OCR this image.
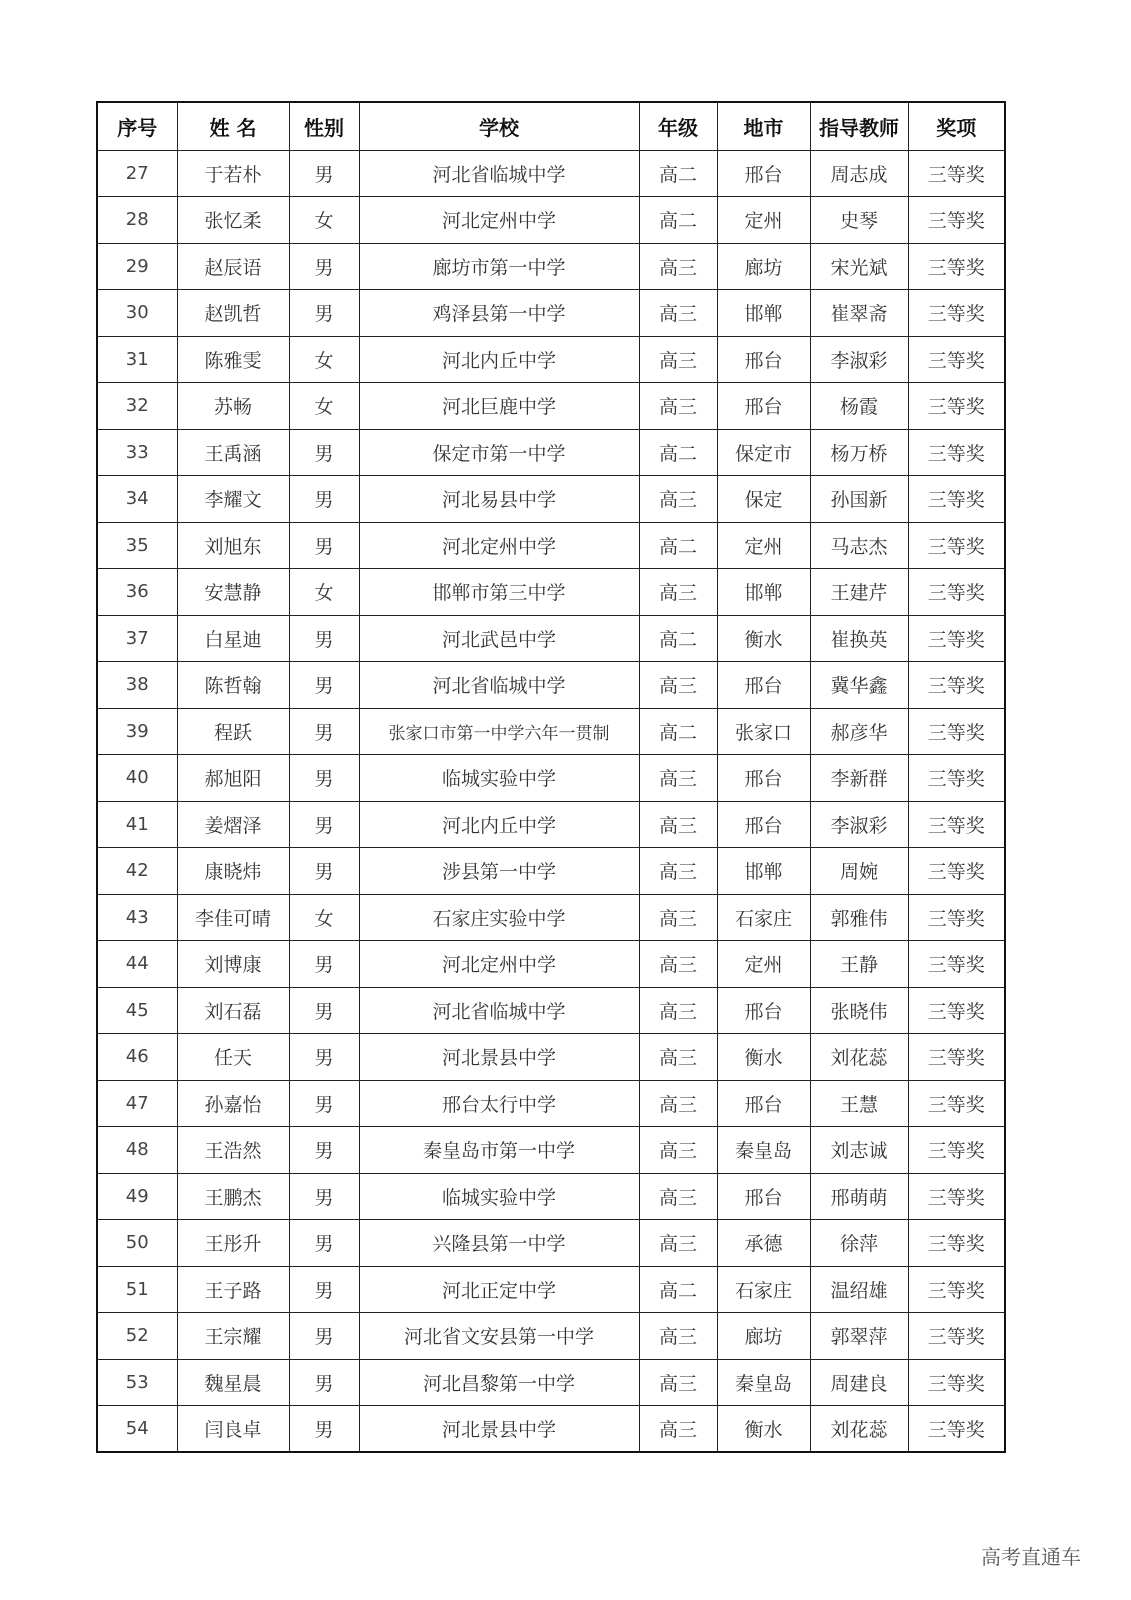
序号	姓 名	性别	学校	年级	地市	指导教师	奖项
27	于若朴	男	河北省临城中学	高二	邢台	周志成	三等奖
28	张忆柔	女	河北定州中学	高二	定州	史琴	三等奖
29	赵辰语	男	廊坊市第一中学	高三	廊坊	宋光斌	三等奖
30	赵凯哲	男	鸡泽县第一中学	高三	邯郸	崔翠斋	三等奖
31	陈雅雯	女	河北内丘中学	高三	邢台	李淑彩	三等奖
32	苏畅	女	河北巨鹿中学	高三	邢台	杨霞	三等奖
33	王禹涵	男	保定市第一中学	高二	保定市	杨万桥	三等奖
34	李耀文	男	河北易县中学	高三	保定	孙国新	三等奖
35	刘旭东	男	河北定州中学	高二	定州	马志杰	三等奖
36	安慧静	女	邯郸市第三中学	高三	邯郸	王建芹	三等奖
37	白星迪	男	河北武邑中学	高二	衡水	崔换英	三等奖
38	陈哲翰	男	河北省临城中学	高三	邢台	冀华鑫	三等奖
39	程跃	男	张家口市第一中学六年一贯制	高二	张家口	郝彦华	三等奖
40	郝旭阳	男	临城实验中学	高三	邢台	李新群	三等奖
41	姜熠泽	男	河北内丘中学	高三	邢台	李淑彩	三等奖
42	康晓炜	男	涉县第一中学	高三	邯郸	周婉	三等奖
43	李佳可晴	女	石家庄实验中学	高三	石家庄	郭雅伟	三等奖
44	刘博康	男	河北定州中学	高三	定州	王静	三等奖
45	刘石磊	男	河北省临城中学	高三	邢台	张晓伟	三等奖
46	任天	男	河北景县中学	高三	衡水	刘花蕊	三等奖
47	孙嘉怡	男	邢台太行中学	高三	邢台	王慧	三等奖
48	王浩然	男	秦皇岛市第一中学	高三	秦皇岛	刘志诚	三等奖
49	王鹏杰	男	临城实验中学	高三	邢台	邢萌萌	三等奖
50	王彤升	男	兴隆县第一中学	高三	承德	徐萍	三等奖
51	王子路	男	河北正定中学	高二	石家庄	温绍雄	三等奖
52	王宗耀	男	河北省文安县第一中学	高三	廊坊	郭翠萍	三等奖
53	魏星晨	男	河北昌黎第一中学	高三	秦皇岛	周建良	三等奖
54	闫良卓	男	河北景县中学	高三	衡水	刘花蕊	三等奖
高考直通车
